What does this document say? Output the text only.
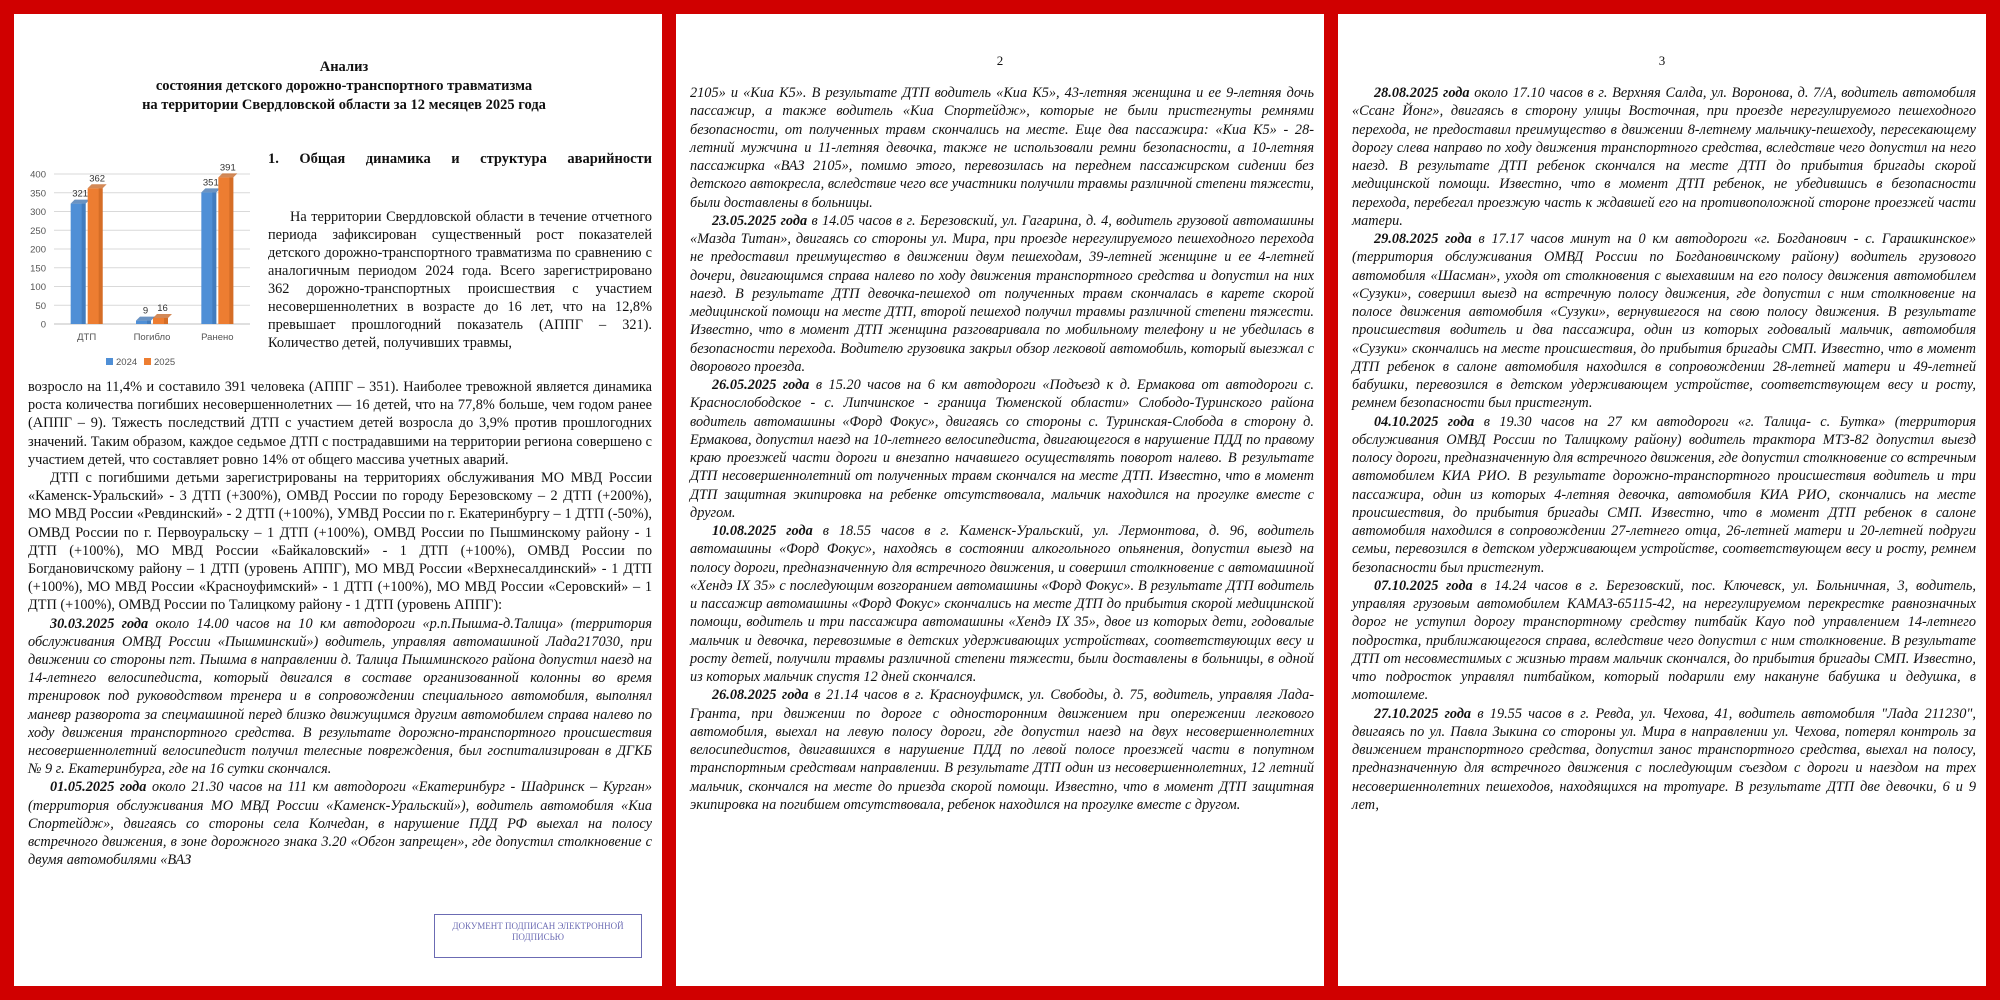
Анализ
состояния детского дорожно-транспортного травматизма
на территории Свердловской области за 12 месяцев 2025 года
0
50
100
150
200
250
300
350
400
321
362
ДТП
9 16
Погибло
351
391
Ранено
2024 2025
1. Общая динамика и структура аварийности

На территории Свердловской области в течение отчетного периода зафиксирован существенный рост показателей детского дорожно-транспортного травматизма по сравнению с аналогичным периодом 2024 года. Всего зарегистрировано 362 дорожно-транспортных происшествия с участием несовершеннолетних в возрасте до 16 лет, что на 12,8% превышает прошлогодний показатель (АППГ – 321). Количество детей, получивших травмы,

возросло на 11,4% и составило 391 человека (АППГ – 351). Наиболее тревожной является динамика роста количества погибших несовершеннолетних — 16 детей, что на 77,8% больше, чем годом ранее (АППГ – 9). Тяжесть последствий ДТП с участием детей возросла до 3,9% против прошлогодних значений. Таким образом, каждое седьмое ДТП с пострадавшими на территории региона совершено с участием детей, что составляет ровно 14% от общего массива учетных аварий.

ДТП с погибшими детьми зарегистрированы на территориях обслуживания МО МВД России «Каменск-Уральский» - 3 ДТП (+300%), ОМВД России по городу Березовскому – 2 ДТП (+200%), МО МВД России «Ревдинский» - 2 ДТП (+100%), УМВД России по г. Екатеринбургу – 1 ДТП (-50%), ОМВД России по г. Первоуральску – 1 ДТП (+100%), ОМВД России по Пышминскому району - 1 ДТП (+100%), МО МВД России «Байкаловский» - 1 ДТП (+100%), ОМВД России по Богдановичскому району – 1 ДТП (уровень АППГ), МО МВД России «Верхнесалдинский» - 1 ДТП (+100%), МО МВД России «Красноуфимский» - 1 ДТП (+100%), МО МВД России «Серовский» – 1 ДТП (+100%), ОМВД России по Талицкому району - 1 ДТП (уровень АППГ):

30.03.2025 года около 14.00 часов на 10 км автодороги «р.п.Пышма-д.Талица» (территория обслуживания ОМВД России «Пышминский») водитель, управляя автомашиной Лада217030, при движении со стороны пгт. Пышма в направлении д. Талица Пышминского района допустил наезд на 14-летнего велосипедиста, который двигался в составе организованной колонны во время тренировок под руководством тренера и в сопровождении специального автомобиля, выполнял маневр разворота за спецмашиной перед близко движущимся другим автомобилем справа налево по ходу движения транспортного средства. В результате дорожно-транспортного происшествия несовершеннолетний велосипедист получил телесные повреждения, был госпитализирован в ДГКБ № 9 г. Екатеринбурга, где на 16 сутки скончался.

01.05.2025 года около 21.30 часов на 111 км автодороги «Екатеринбург - Шадринск – Курган» (территория обслуживания МО МВД России «Каменск-Уральский»), водитель автомобиля «Киа Спортейдж», двигаясь со стороны села Колчедан, в нарушение ПДД РФ выехал на полосу встречного движения, в зоне дорожного знака 3.20 «Обгон запрещен», где допустил столкновение с двумя автомобилями «ВАЗ

ДОКУМЕНТ ПОДПИСАН ЭЛЕКТРОННОЙ ПОДПИСЬЮ
2

2105» и «Киа К5». В результате ДТП водитель «Киа К5», 43-летняя женщина и ее 9-летняя дочь пассажир, а также водитель «Киа Спортейдж», которые не были пристегнуты ремнями безопасности, от полученных травм скончались на месте. Еще два пассажира: «Киа К5» - 28-летний мужчина и 11-летняя девочка, также не использовали ремни безопасности, а 10-летняя пассажирка «ВАЗ 2105», помимо этого, перевозилась на переднем пассажирском сидении без детского автокресла, вследствие чего все участники получили травмы различной степени тяжести, были доставлены в больницы.

23.05.2025 года в 14.05 часов в г. Березовский, ул. Гагарина, д. 4, водитель грузовой автомашины «Мазда Титан», двигаясь со стороны ул. Мира, при проезде нерегулируемого пешеходного перехода не предоставил преимущество в движении двум пешеходам, 39-летней женщине и ее 4-летней дочери, двигающимся справа налево по ходу движения транспортного средства и допустил на них наезд. В результате ДТП девочка-пешеход от полученных травм скончалась в карете скорой медицинской помощи на месте ДТП, второй пешеход получил травмы различной степени тяжести. Известно, что в момент ДТП женщина разговаривала по мобильному телефону и не убедилась в безопасности перехода. Водителю грузовика закрыл обзор легковой автомобиль, который выезжал с дворового проезда.

26.05.2025 года в 15.20 часов на 6 км автодороги «Подъезд к д. Ермакова от автодороги с. Краснослободское - с. Липчинское - граница Тюменской области» Слободо-Туринского района водитель автомашины «Форд Фокус», двигаясь со стороны с. Туринская-Слобода в сторону д. Ермакова, допустил наезд на 10-летнего велосипедиста, двигающегося в нарушение ПДД по правому краю проезжей части дороги и внезапно начавшего осуществлять поворот налево. В результате ДТП несовершеннолетний от полученных травм скончался на месте ДТП. Известно, что в момент ДТП защитная экипировка на ребенке отсутствовала, мальчик находился на прогулке вместе с другом.

10.08.2025 года в 18.55 часов в г. Каменск-Уральский, ул. Лермонтова, д. 96, водитель автомашины «Форд Фокус», находясь в состоянии алкогольного опьянения, допустил выезд на полосу дороги, предназначенную для встречного движения, и совершил столкновение с автомашиной «Хендэ IX 35» с последующим возгоранием автомашины «Форд Фокус». В результате ДТП водитель и пассажир автомашины «Форд Фокус» скончались на месте ДТП до прибытия скорой медицинской помощи, водитель и три пассажира автомашины «Хендэ IX 35», двое из которых дети, годовалые мальчик и девочка, перевозимые в детских удерживающих устройствах, соответствующих весу и росту детей, получили травмы различной степени тяжести, были доставлены в больницы, в одной из которых мальчик спустя 12 дней скончался.

26.08.2025 года в 21.14 часов в г. Красноуфимск, ул. Свободы, д. 75, водитель, управляя Лада-Гранта, при движении по дороге с односторонним движением при опережении легкового автомобиля, выехал на левую полосу дороги, где допустил наезд на двух несовершеннолетних велосипедистов, двигавшихся в нарушение ПДД по левой полосе проезжей части в попутном транспортным средствам направлении. В результате ДТП один из несовершеннолетних, 12 летний мальчик, скончался на месте до приезда скорой помощи. Известно, что в момент ДТП защитная экипировка на погибшем отсутствовала, ребенок находился на прогулке вместе с другом.

3

28.08.2025 года около 17.10 часов в г. Верхняя Салда, ул. Воронова, д. 7/А, водитель автомобиля «Ссанг Йонг», двигаясь в сторону улицы Восточная, при проезде нерегулируемого пешеходного перехода, не предоставил преимущество в движении 8-летнему мальчику-пешеходу, пересекающему дорогу слева направо по ходу движения транспортного средства, вследствие чего допустил на него наезд. В результате ДТП ребенок скончался на месте ДТП до прибытия бригады скорой медицинской помощи. Известно, что в момент ДТП ребенок, не убедившись в безопасности перехода, перебегал проезжую часть к ждавшей его на противоположной стороне проезжей части матери.

29.08.2025 года в 17.17 часов минут на 0 км автодороги «г. Богданович - с. Гарашкинское» (территория обслуживания ОМВД России по Богдановичскому району) водитель грузового автомобиля «Шасман», уходя от столкновения с выехавшим на его полосу движения автомобилем «Сузуки», совершил выезд на встречную полосу движения, где допустил с ним столкновение на полосе движения автомобиля «Сузуки», вернувшегося на свою полосу движения. В результате происшествия водитель и два пассажира, один из которых годовалый мальчик, автомобиля «Сузуки» скончались на месте происшествия, до прибытия бригады СМП. Известно, что в момент ДТП ребенок в салоне автомобиля находился в сопровождении 28-летней матери и 49-летней бабушки, перевозился в детском удерживающем устройстве, соответствующем весу и росту, ремнем безопасности был пристегнут.

04.10.2025 года в 19.30 часов на 27 км автодороги «г. Талица- с. Бутка» (территория обслуживания ОМВД России по Талицкому району) водитель трактора МТЗ-82 допустил выезд полосу дороги, предназначенную для встречного движения, где допустил столкновение со встречным автомобилем КИА РИО. В результате дорожно-транспортного происшествия водитель и три пассажира, один из которых 4-летняя девочка, автомобиля КИА РИО, скончались на месте происшествия, до прибытия бригады СМП. Известно, что в момент ДТП ребенок в салоне автомобиля находился в сопровождении 27-летнего отца, 26-летней матери и 20-летней подруги семьи, перевозился в детском удерживающем устройстве, соответствующем весу и росту, ремнем безопасности был пристегнут.

07.10.2025 года в 14.24 часов в г. Березовский, пос. Ключевск, ул. Больничная, 3, водитель, управляя грузовым автомобилем КАМАЗ-65115-42, на нерегулируемом перекрестке равнозначных дорог не уступил дорогу транспортному средству питбайк Кауо под управлением 14-летнего подростка, приближающегося справа, вследствие чего допустил с ним столкновение. В результате ДТП от несовместимых с жизнью травм мальчик скончался, до прибытия бригады СМП. Известно, что подросток управлял питбайком, который подарили ему накануне бабушка и дедушка, в мотошлеме.

27.10.2025 года в 19.55 часов в г. Ревда, ул. Чехова, 41, водитель автомобиля "Лада 211230", двигаясь по ул. Павла Зыкина со стороны ул. Мира в направлении ул. Чехова, потерял контроль за движением транспортного средства, допустил занос транспортного средства, выехал на полосу, предназначенную для встречного движения с последующим съездом с дороги и наездом на трех несовершеннолетних пешеходов, находящихся на тротуаре. В результате ДТП две девочки, 6 и 9 лет,
